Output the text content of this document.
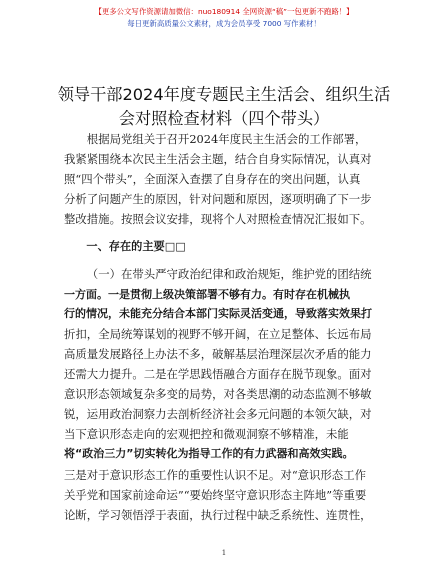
【更多公文写作资源请加微信：nuo180914 全网资源“稿”一包更新不跑路！】
每日更新高质量公文素材，成为会员享受 7000 写作素材！
领导干部2024年度专题民主生活会、组织生活
会对照检查材料（四个带头）
根据局党组关于召开2024年度民主生活会的工作部署，
我紧紧围绕本次民主生活会主题，结合自身实际情况，认真对
照“四个带头”，全面深入查摆了自身存在的突出问题，认真
分析了问题产生的原因，针对问题和原因，逐项明确了下一步
整改措施。按照会议安排，现将个人对照检查情况汇报如下。
一、存在的主要□□
（一）在带头严守政治纪律和政治规矩，维护党的团结统
一方面。一是贯彻上级决策部署不够有力。有时存在机械执
行的情况，未能充分结合本部门实际灵活变通，导致落实效果打
折扣，全局统筹谋划的视野不够开阔，在立足整体、长远布局
高质量发展路径上办法不多，破解基层治理深层次矛盾的能力
还需大力提升。二是在学思践悟融合方面存在脱节现象。面对
意识形态领域复杂多变的局势，对各类思潮的动态监测不够敏
锐，运用政治洞察力去剖析经济社会多元问题的本领欠缺，对
当下意识形态走向的宏观把控和微观洞察不够精准，未能
将“政治三力”切实转化为指导工作的有力武器和高效实践。
三是对于意识形态工作的重要性认识不足。对“意识形态工作
关乎党和国家前途命运”“要始终坚守意识形态主阵地”等重要
论断，学习领悟浮于表面，执行过程中缺乏系统性、连贯性，
1
